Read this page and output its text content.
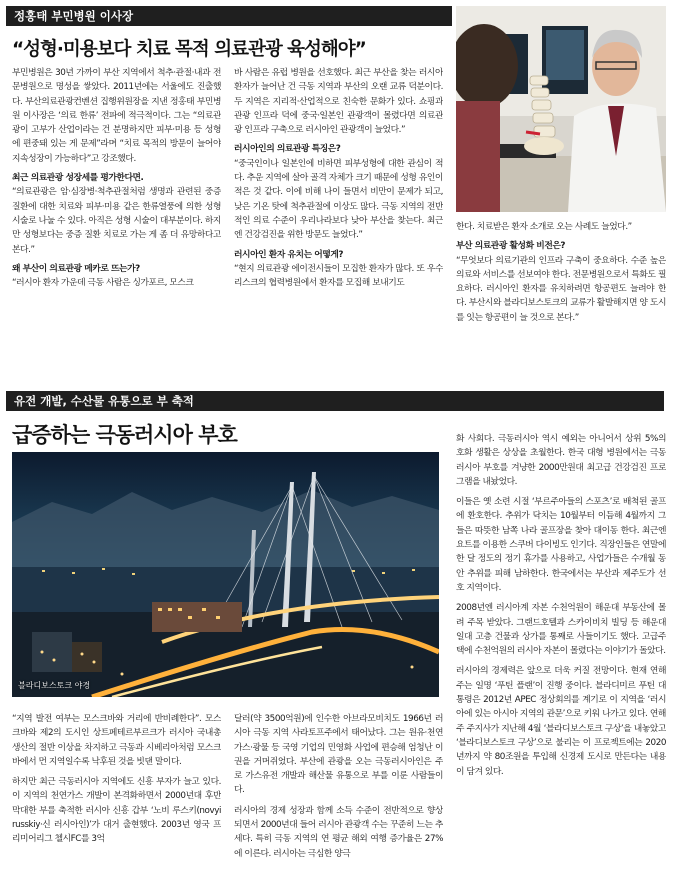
정홍태 부민병원 이사장
“성형·미용보다 치료 목적 의료관광 육성해야”

부민병원은 30년 가까이 부산 지역에서 척추·관절·내과 전문병원으로 명성을 쌓았다. 2011년에는 서울에도 진출했다. 부산의료관광컨벤션 집행위원장을 지낸 정홍태 부민병원 이사장은 ‘의료 한류’ 전파에 적극적이다. 그는 “의료관광이 고부가 산업이라는 건 분명하지만 피부·미용 등 성형에 편중돼 있는 게 문제”라며 “치료 목적의 방문이 늘어야 지속성장이 가능하다”고 강조했다.

최근 의료관광 성장세를 평가한다면.

“의료관광은 암·심장병·척추관절처럼 생명과 관련된 중증 질환에 대한 치료와 피부·미용 같은 한류열풍에 의한 성형 시술로 나눌 수 있다. 아직은 성형 시술이 대부분이다. 하지만 성형보다는 중증 질환 치료로 가는 게 좀 더 유망하다고 본다.”

왜 부산이 의료관광 메카로 뜨는가?

“러시아 환자 가운데 극동 사람은 싱가포르, 모스크

바 사람은 유럽 병원을 선호했다. 최근 부산을 찾는 러시아 환자가 늘어난 건 극동 지역과 부산의 오랜 교류 덕분이다. 두 지역은 지리적·산업적으로 친숙한 문화가 있다. 쇼핑과 관광 인프라 덕에 중국·일본인 관광객이 몰렸다면 의료관광 인프라 구축으로 러시아인 관광객이 늘었다.”

러시아인의 의료관광 특징은?

“중국인이나 일본인에 비하면 피부성형에 대한 관심이 적다. 추운 지역에 살아 골격 자체가 크기 때문에 성형 유인이 적은 것 같다. 이에 비해 나이 들면서 비만이 문제가 되고, 낮은 기온 탓에 척추관절에 이상도 많다. 극동 지역의 전반적인 의료 수준이 우리나라보다 낮아 부산을 찾는다. 최근엔 건강검진을 위한 방문도 늘었다.”

러시아인 환자 유치는 어떻게?

“현지 의료관광 에이전시들이 모집한 환자가 많다. 또 우수리스크의 협력병원에서 환자를 모집해 보내기도

한다. 치료받은 환자 소개로 오는 사례도 늘었다.”

부산 의료관광 활성화 비전은?

“무엇보다 의료기관의 인프라 구축이 중요하다. 수준 높은 의료와 서비스를 선보여야 한다. 전문병원으로서 특화도 필요하다. 러시아인 환자를 유치하려면 항공편도 늘려야 한다. 부산시와 블라디보스토크의 교류가 활발해지면 양 도시를 잇는 항공편이 늘 것으로 본다.”

유전 개발, 수산물 유통으로 부 축적
급증하는 극동러시아 부호
블라디보스토크 야경

화 사회다. 극동러시아 역시 예외는 아니어서 상위 5%의 호화 생활은 상상을 초월한다. 한국 대형 병원에서는 극동러시아 부호를 겨냥한 2000만원대 최고급 건강검진 프로그램을 내놨었다.

이들은 옛 소련 시절 ‘부르주아들의 스포츠’로 배척된 골프에 환호한다. 추위가 닥치는 10월부터 이듬해 4월까지 그들은 따뜻한 남쪽 나라 골프장을 찾아 대이동 한다. 최근엔 요트를 이용한 스쿠버 다이빙도 인기다. 직장인들은 연말에 한 달 정도의 정기 휴가를 사용하고, 사업가들은 수개월 동안 추위를 피해 남하한다. 한국에서는 부산과 제주도가 선호 지역이다.

2008년엔 러시아계 자본 수천억원이 해운대 부동산에 몰려 주목 받았다. 그랜드호텔과 스카이비치 빌딩 등 해운대 일대 고층 건물과 상가를 통째로 사들이기도 했다. 고급주택에 수천억원의 러시아 자본이 몰렸다는 이야기가 돌았다.

러시아의 경제력은 앞으로 더욱 커질 전망이다. 현재 연해주는 일명 ‘푸틴 플랜’이 진행 중이다. 블라디미르 푸틴 대통령은 2012년 APEC 정상회의를 계기로 이 지역을 ‘러시아에 있는 아시아 지역의 관문’으로 키워 나가고 있다. 연해주 주지사가 지난해 4월 ‘블라디보스토크 구상’을 내놓았고 ‘블라디보스토크 구상’으로 불리는 이 프로젝트에는 2020년까지 약 80조원을 투입해 신경제 도시로 만든다는 내용이 담겨 있다.

“지역 발전 여부는 모스크바와 거리에 반비례한다”. 모스크바와 제2의 도시인 상트페테르부르크가 러시아 국내총생산의 절반 이상을 차지하고 극동과 시베리아처럼 모스크바에서 먼 지역일수록 낙후된 것을 빗댄 말이다.

하지만 최근 극동러시아 지역에도 신흥 부자가 늘고 있다. 이 지역의 천연가스 개발이 본격화하면서 2000년대 후반 막대한 부를 축적한 러시아 신흥 갑부 ‘노비 루스키(novyi russkiy·신 러시아인)’가 대거 출현했다. 2003년 영국 프리미어리그 첼시FC를 3억

달러(약 3500억원)에 인수한 아브라모비치도 1966년 러시아 극동 지역 사라토프주에서 태어났다. 그는 원유·천연가스·광물 등 국영 기업의 민영화 사업에 편승해 엄청난 이권을 거머쥐었다. 부산에 관광을 오는 극동러시아인은 주로 가스유전 개발과 해산물 유통으로 부를 이룬 사람들이다.

러시아의 경제 성장과 함께 소득 수준이 전반적으로 향상되면서 2000년대 들어 러시아 관광객 수는 꾸준히 느는 추세다. 특히 극동 지역의 연 평균 해외 여행 증가율은 27%에 이른다. 러시아는 극심한 양극
